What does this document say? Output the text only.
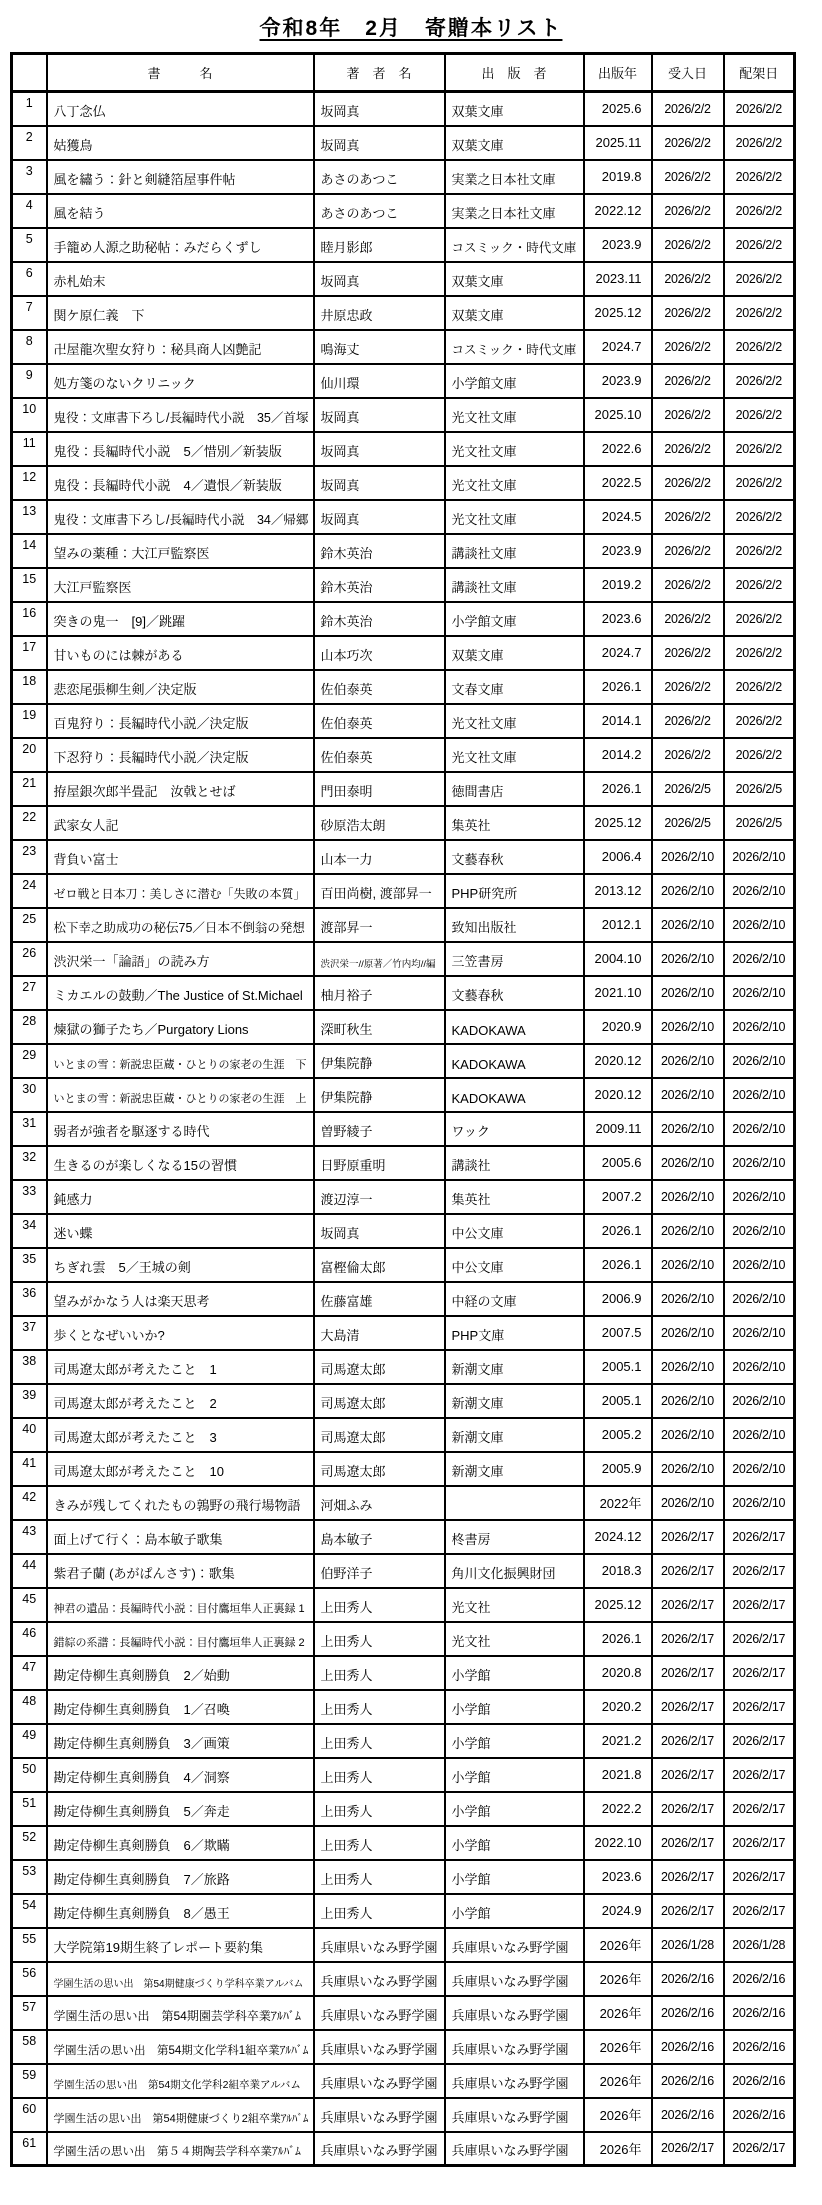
令和8年　2月　寄贈本リスト
	書　　　名	著　者　名	出　版　者	出版年	受入日	配架日
1	八丁念仏	坂岡真	双葉文庫	2025.6	2026/2/2	2026/2/2
2	姑獲鳥	坂岡真	双葉文庫	2025.11	2026/2/2	2026/2/2
3	風を繡う：針と剣縫箔屋事件帖	あさのあつこ	実業之日本社文庫	2019.8	2026/2/2	2026/2/2
4	風を結う	あさのあつこ	実業之日本社文庫	2022.12	2026/2/2	2026/2/2
5	手籠め人源之助秘帖：みだらくずし	睦月影郎	コスミック・時代文庫	2023.9	2026/2/2	2026/2/2
6	赤札始末	坂岡真	双葉文庫	2023.11	2026/2/2	2026/2/2
7	関ケ原仁義　下	井原忠政	双葉文庫	2025.12	2026/2/2	2026/2/2
8	卍屋龍次聖女狩り：秘具商人凶艶記	鳴海丈	コスミック・時代文庫	2024.7	2026/2/2	2026/2/2
9	処方箋のないクリニック	仙川環	小学館文庫	2023.9	2026/2/2	2026/2/2
10	鬼役：文庫書下ろし/長編時代小説　35／首塚	坂岡真	光文社文庫	2025.10	2026/2/2	2026/2/2
11	鬼役：長編時代小説　5／惜別／新装版	坂岡真	光文社文庫	2022.6	2026/2/2	2026/2/2
12	鬼役：長編時代小説　4／遺恨／新装版	坂岡真	光文社文庫	2022.5	2026/2/2	2026/2/2
13	鬼役：文庫書下ろし/長編時代小説　34／帰郷	坂岡真	光文社文庫	2024.5	2026/2/2	2026/2/2
14	望みの薬種：大江戸監察医	鈴木英治	講談社文庫	2023.9	2026/2/2	2026/2/2
15	大江戸監察医	鈴木英治	講談社文庫	2019.2	2026/2/2	2026/2/2
16	突きの鬼一　[9]／跳躍	鈴木英治	小学館文庫	2023.6	2026/2/2	2026/2/2
17	甘いものには棘がある	山本巧次	双葉文庫	2024.7	2026/2/2	2026/2/2
18	悲恋尾張柳生剣／決定版	佐伯泰英	文春文庫	2026.1	2026/2/2	2026/2/2
19	百鬼狩り：長編時代小説／決定版	佐伯泰英	光文社文庫	2014.1	2026/2/2	2026/2/2
20	下忍狩り：長編時代小説／決定版	佐伯泰英	光文社文庫	2014.2	2026/2/2	2026/2/2
21	拵屋銀次郎半畳記　汝戟とせば	門田泰明	徳間書店	2026.1	2026/2/5	2026/2/5
22	武家女人記	砂原浩太朗	集英社	2025.12	2026/2/5	2026/2/5
23	背負い富士	山本一力	文藝春秋	2006.4	2026/2/10	2026/2/10
24	ゼロ戦と日本刀：美しさに潜む「失敗の本質」	百田尚樹, 渡部昇一	PHP研究所	2013.12	2026/2/10	2026/2/10
25	松下幸之助成功の秘伝75／日本不倒翁の発想	渡部昇一	致知出版社	2012.1	2026/2/10	2026/2/10
26	渋沢栄一「論語」の読み方	渋沢栄一//原著／竹内均//編	三笠書房	2004.10	2026/2/10	2026/2/10
27	ミカエルの鼓動／The Justice of St.Michael	柚月裕子	文藝春秋	2021.10	2026/2/10	2026/2/10
28	煉獄の獅子たち／Purgatory Lions	深町秋生	KADOKAWA	2020.9	2026/2/10	2026/2/10
29	いとまの雪：新説忠臣蔵・ひとりの家老の生涯　下	伊集院静	KADOKAWA	2020.12	2026/2/10	2026/2/10
30	いとまの雪：新説忠臣蔵・ひとりの家老の生涯　上	伊集院静	KADOKAWA	2020.12	2026/2/10	2026/2/10
31	弱者が強者を駆逐する時代	曽野綾子	ワック	2009.11	2026/2/10	2026/2/10
32	生きるのが楽しくなる15の習慣	日野原重明	講談社	2005.6	2026/2/10	2026/2/10
33	鈍感力	渡辺淳一	集英社	2007.2	2026/2/10	2026/2/10
34	迷い蝶	坂岡真	中公文庫	2026.1	2026/2/10	2026/2/10
35	ちぎれ雲　5／王城の剣	富樫倫太郎	中公文庫	2026.1	2026/2/10	2026/2/10
36	望みがかなう人は楽天思考	佐藤富雄	中経の文庫	2006.9	2026/2/10	2026/2/10
37	歩くとなぜいいか?	大島清	PHP文庫	2007.5	2026/2/10	2026/2/10
38	司馬遼太郎が考えたこと　1	司馬遼太郎	新潮文庫	2005.1	2026/2/10	2026/2/10
39	司馬遼太郎が考えたこと　2	司馬遼太郎	新潮文庫	2005.1	2026/2/10	2026/2/10
40	司馬遼太郎が考えたこと　3	司馬遼太郎	新潮文庫	2005.2	2026/2/10	2026/2/10
41	司馬遼太郎が考えたこと　10	司馬遼太郎	新潮文庫	2005.9	2026/2/10	2026/2/10
42	きみが残してくれたもの鶉野の飛行場物語	河畑ふみ		2022年	2026/2/10	2026/2/10
43	面上げて行く：島本敏子歌集	島本敏子	柊書房	2024.12	2026/2/17	2026/2/17
44	紫君子蘭 (あがぱんさす)：歌集	伯野洋子	角川文化振興財団	2018.3	2026/2/17	2026/2/17
45	神君の遺品：長編時代小説：目付鷹垣隼人正裏録 1	上田秀人	光文社	2025.12	2026/2/17	2026/2/17
46	錯綜の系譜：長編時代小説：目付鷹垣隼人正裏録 2	上田秀人	光文社	2026.1	2026/2/17	2026/2/17
47	勘定侍柳生真剣勝負　2／始動	上田秀人	小学館	2020.8	2026/2/17	2026/2/17
48	勘定侍柳生真剣勝負　1／召喚	上田秀人	小学館	2020.2	2026/2/17	2026/2/17
49	勘定侍柳生真剣勝負　3／画策	上田秀人	小学館	2021.2	2026/2/17	2026/2/17
50	勘定侍柳生真剣勝負　4／洞察	上田秀人	小学館	2021.8	2026/2/17	2026/2/17
51	勘定侍柳生真剣勝負　5／奔走	上田秀人	小学館	2022.2	2026/2/17	2026/2/17
52	勘定侍柳生真剣勝負　6／欺瞞	上田秀人	小学館	2022.10	2026/2/17	2026/2/17
53	勘定侍柳生真剣勝負　7／旅路	上田秀人	小学館	2023.6	2026/2/17	2026/2/17
54	勘定侍柳生真剣勝負　8／愚王	上田秀人	小学館	2024.9	2026/2/17	2026/2/17
55	大学院第19期生終了レポート要約集	兵庫県いなみ野学園	兵庫県いなみ野学園	2026年	2026/1/28	2026/1/28
56	学園生活の思い出　第54期健康づくり学科卒業アルバム	兵庫県いなみ野学園	兵庫県いなみ野学園	2026年	2026/2/16	2026/2/16
57	学園生活の思い出　第54期園芸学科卒業ｱﾙﾊﾞﾑ	兵庫県いなみ野学園	兵庫県いなみ野学園	2026年	2026/2/16	2026/2/16
58	学園生活の思い出　第54期文化学科1組卒業ｱﾙﾊﾞﾑ	兵庫県いなみ野学園	兵庫県いなみ野学園	2026年	2026/2/16	2026/2/16
59	学園生活の思い出　第54期文化学科2組卒業アルバム	兵庫県いなみ野学園	兵庫県いなみ野学園	2026年	2026/2/16	2026/2/16
60	学園生活の思い出　第54期健康づくり2組卒業ｱﾙﾊﾞﾑ	兵庫県いなみ野学園	兵庫県いなみ野学園	2026年	2026/2/16	2026/2/16
61	学園生活の思い出　第５４期陶芸学科卒業ｱﾙﾊﾞﾑ	兵庫県いなみ野学園	兵庫県いなみ野学園	2026年	2026/2/17	2026/2/17
